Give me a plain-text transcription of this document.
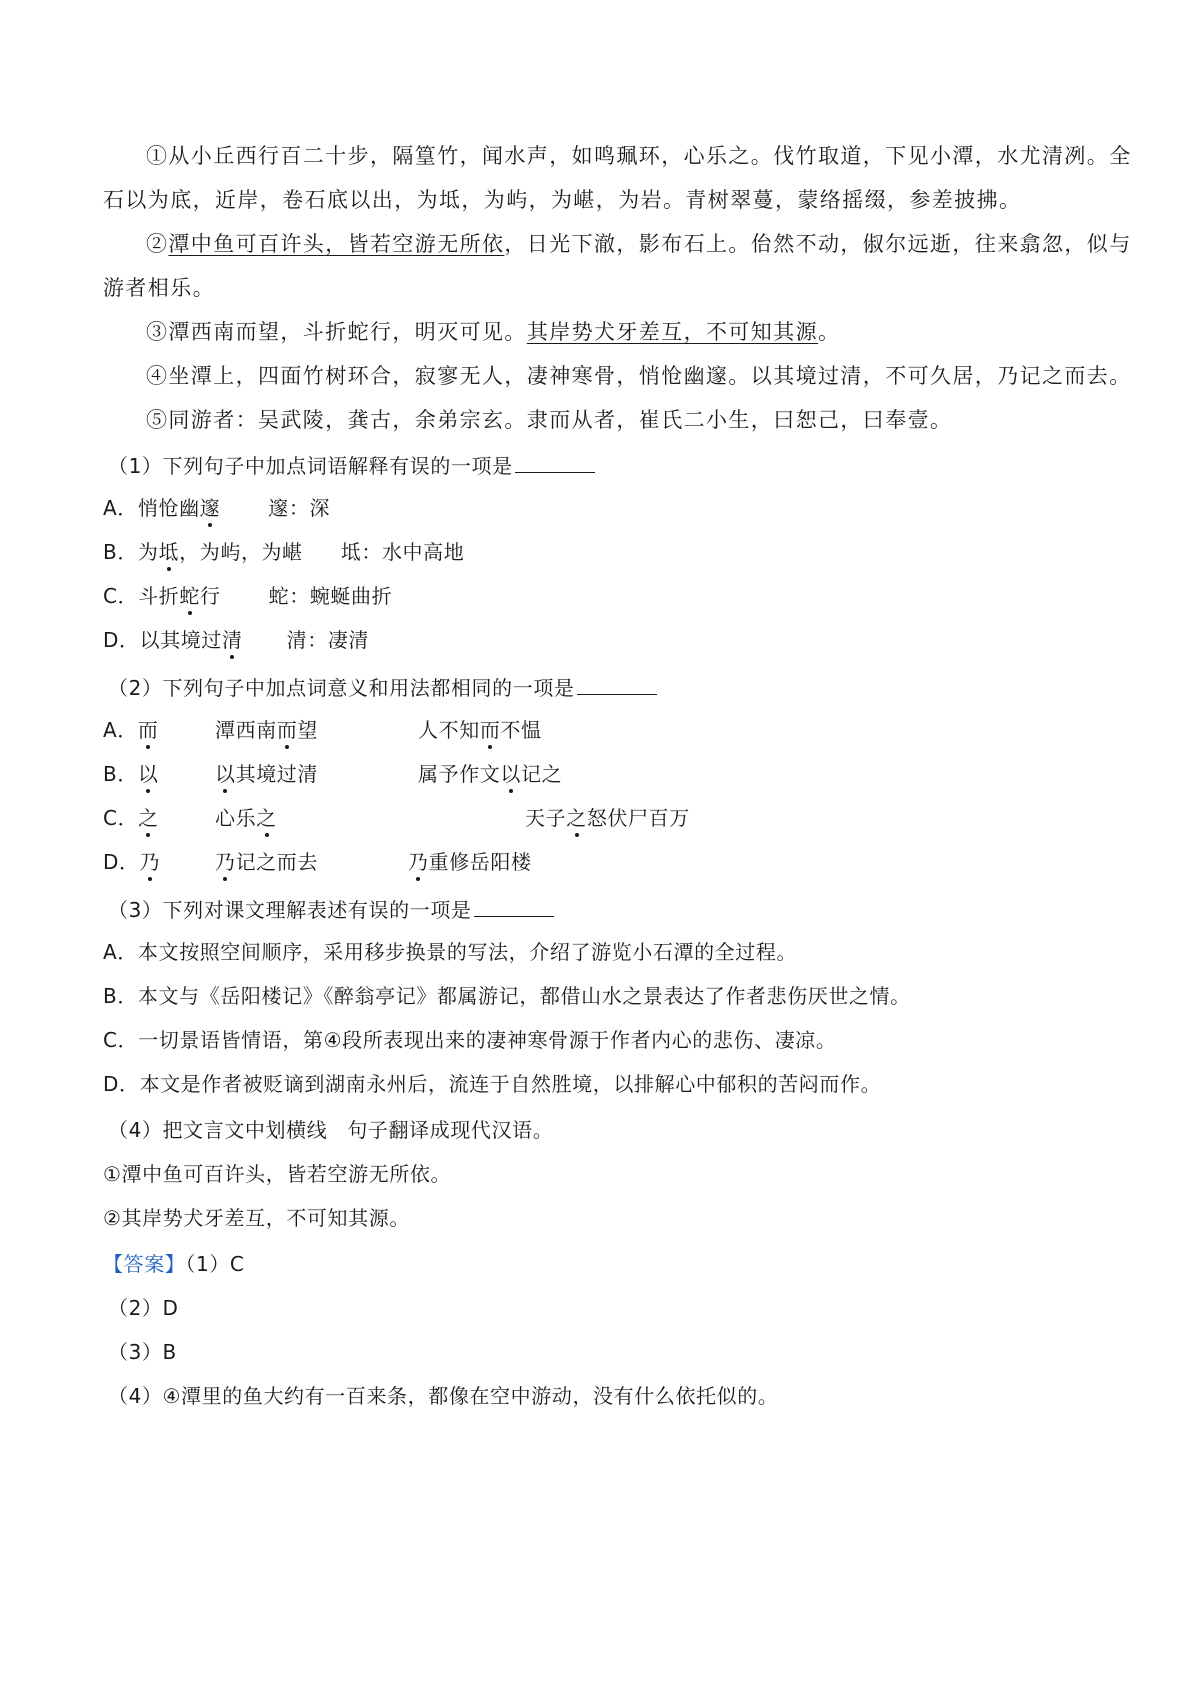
①从小丘西行百二十步，隔篁竹，闻水声，如鸣珮环，心乐之。伐竹取道，下见小潭，水尤清冽。全
石以为底，近岸，卷石底以出，为坻，为屿，为嵁，为岩。青树翠蔓，蒙络摇缀，参差披拂。
②潭中鱼可百许头，皆若空游无所依，日光下澈，影布石上。佁然不动，俶尔远逝，往来翕忽，似与
游者相乐。
③潭西南而望，斗折蛇行，明灭可见。其岸势犬牙差互，不可知其源。
④坐潭上，四面竹树环合，寂寥无人，凄神寒骨，悄怆幽邃。以其境过清，不可久居，乃记之而去。
⑤同游者：吴武陵，龚古，余弟宗玄。隶而从者，崔氏二小生，曰恕己，曰奉壹。
（1）下列句子中加点词语解释有误的一项是
A．悄怆幽邃 邃：深
B．为坻，为屿，为嵁 坻：水中高地
C．斗折蛇行 蛇：蜿蜒曲折
D．以其境过清 清：凄清
（2）下列句子中加点词意义和用法都相同的一项是
A．而	潭西南而望	人不知而不愠
B．以	以其境过清	属予作文以记之
C．之	心乐之	天子之怒伏尸百万
D．乃	乃记之而去	乃重修岳阳楼
（3）下列对课文理解表述有误的一项是
A．本文按照空间顺序，采用移步换景的写法，介绍了游览小石潭的全过程。
B．本文与《岳阳楼记》《醉翁亭记》都属游记，都借山水之景表达了作者悲伤厌世之情。
C．一切景语皆情语，第④段所表现出来的凄神寒骨源于作者内心的悲伤、凄凉。
D．本文是作者被贬谪到湖南永州后，流连于自然胜境，以排解心中郁积的苦闷而作。
（4）把文言文中划横线 句子翻译成现代汉语。
①潭中鱼可百许头，皆若空游无所依。
②其岸势犬牙差互，不可知其源。
【答案】（1）C
（2）D
（3）B
（4）④潭里的鱼大约有一百来条，都像在空中游动，没有什么依托似的。
